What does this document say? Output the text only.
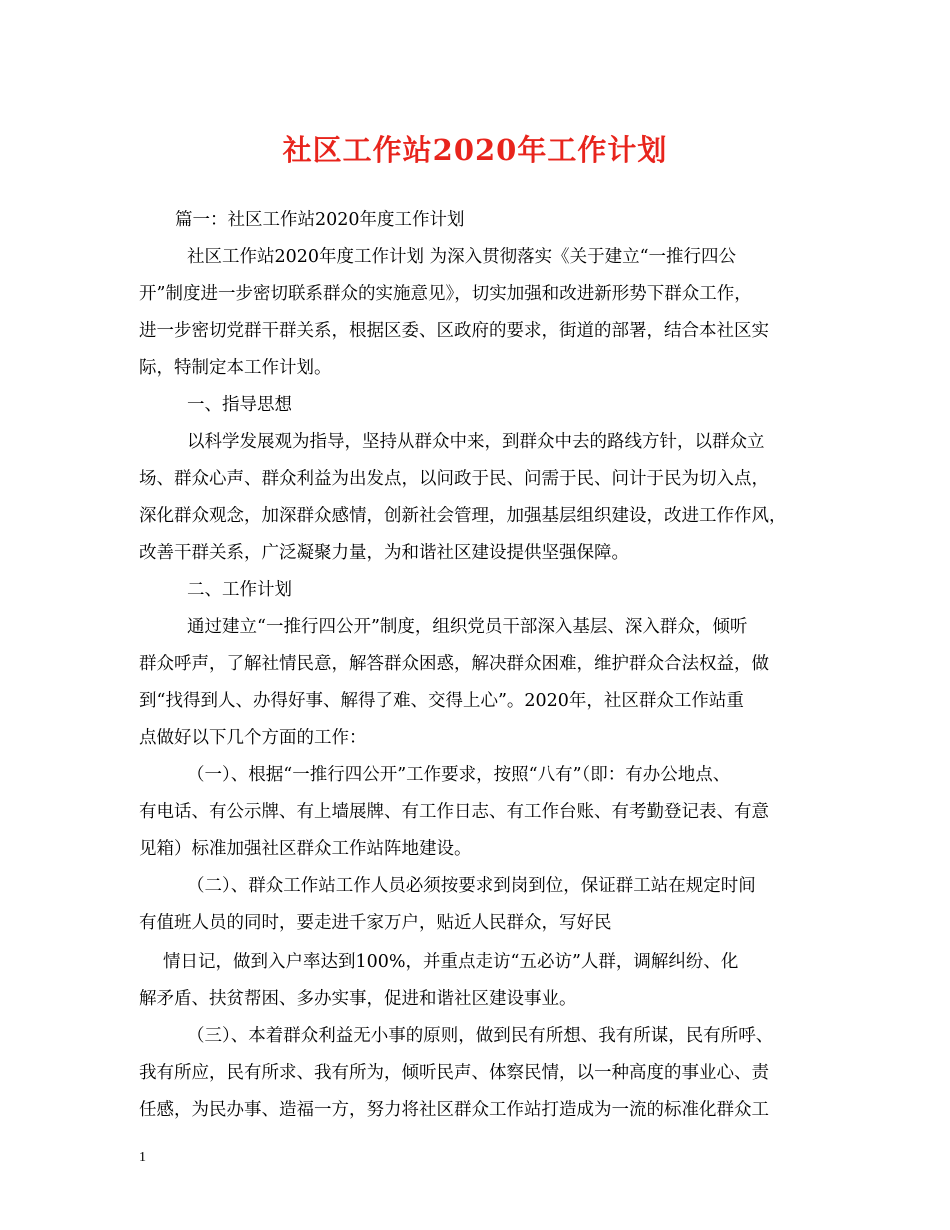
社区工作站2020年工作计划
篇一：社区工作站2020年度工作计划
社区工作站2020年度工作计划 为深入贯彻落实《关于建立“一推行四公
开”制度进一步密切联系群众的实施意见》，切实加强和改进新形势下群众工作，
进一步密切党群干群关系，根据区委、区政府的要求，街道的部署，结合本社区实
际，特制定本工作计划。
一、指导思想
以科学发展观为指导，坚持从群众中来，到群众中去的路线方针，以群众立
场、群众心声、群众利益为出发点，以问政于民、问需于民、问计于民为切入点，
深化群众观念，加深群众感情，创新社会管理，加强基层组织建设，改进工作作风，
改善干群关系，广泛凝聚力量，为和谐社区建设提供坚强保障。
二、工作计划
通过建立“一推行四公开”制度，组织党员干部深入基层、深入群众，倾听
群众呼声，了解社情民意，解答群众困惑，解决群众困难，维护群众合法权益，做
到“找得到人、办得好事、解得了难、交得上心”。2020年，社区群众工作站重
点做好以下几个方面的工作：
（一）、根据“一推行四公开”工作要求，按照“八有”（即：有办公地点、
有电话、有公示牌、有上墙展牌、有工作日志、有工作台账、有考勤登记表、有意
见箱）标准加强社区群众工作站阵地建设。
（二）、群众工作站工作人员必须按要求到岗到位，保证群工站在规定时间
有值班人员的同时，要走进千家万户，贴近人民群众，写好民
情日记，做到入户率达到100%，并重点走访“五必访”人群，调解纠纷、化
解矛盾、扶贫帮困、多办实事，促进和谐社区建设事业。
（三）、本着群众利益无小事的原则，做到民有所想、我有所谋，民有所呼、
我有所应，民有所求、我有所为，倾听民声、体察民情，以一种高度的事业心、责
任感，为民办事、造福一方，努力将社区群众工作站打造成为一流的标准化群众工
1
